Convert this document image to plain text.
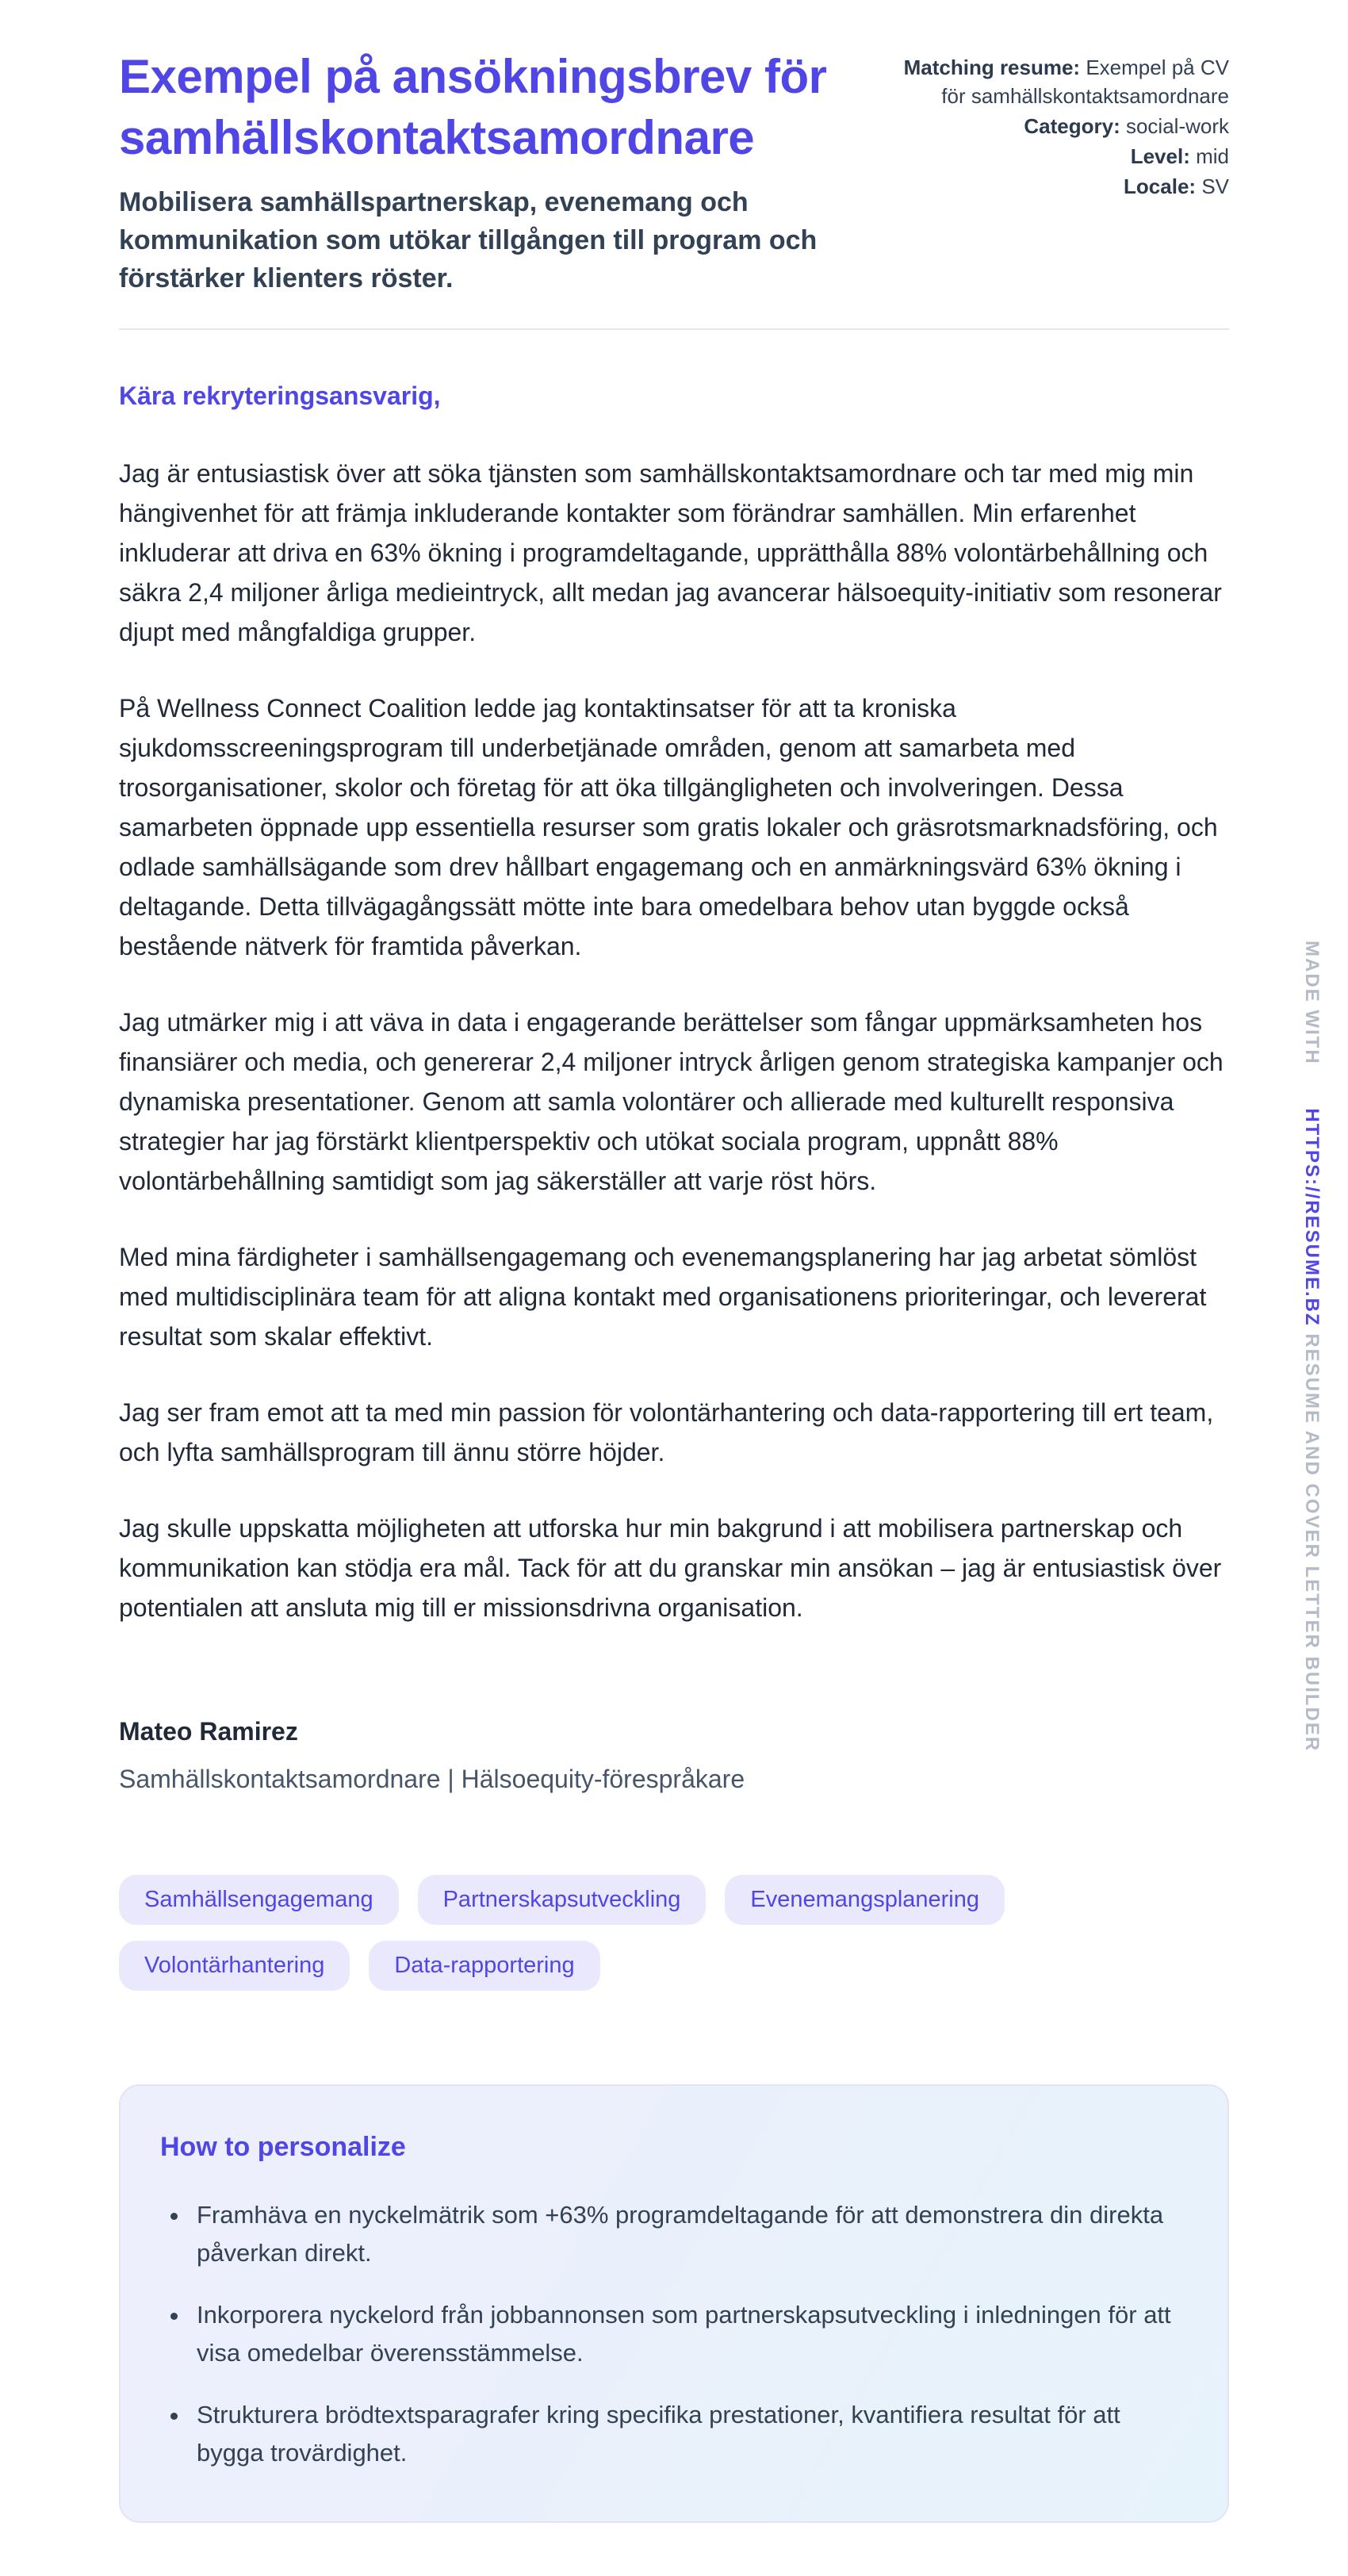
Exempel på ansökningsbrev för samhällskontaktsamordnare

Mobilisera samhällspartnerskap, evenemang och kommunikation som utökar tillgången till program och förstärker klienters röster.

Matching resume: Exempel på CV för samhällskontaktsamordnare
Category: social-work
Level: mid
Locale: SV

Kära rekryteringsansvarig,

Jag är entusiastisk över att söka tjänsten som samhällskontaktsamordnare och tar med mig min hängivenhet för att främja inkluderande kontakter som förändrar samhällen. Min erfarenhet inkluderar att driva en 63% ökning i programdeltagande, upprätthålla 88% volontärbehållning och säkra 2,4 miljoner årliga medieintryck, allt medan jag avancerar hälsoequity-initiativ som resonerar djupt med mångfaldiga grupper.

På Wellness Connect Coalition ledde jag kontaktinsatser för att ta kroniska sjukdomsscreeningsprogram till underbetjänade områden, genom att samarbeta med trosorganisationer, skolor och företag för att öka tillgängligheten och involveringen. Dessa samarbeten öppnade upp essentiella resurser som gratis lokaler och gräsrotsmarknadsföring, och odlade samhällsägande som drev hållbart engagemang och en anmärkningsvärd 63% ökning i deltagande. Detta tillvägagångssätt mötte inte bara omedelbara behov utan byggde också bestående nätverk för framtida påverkan.

Jag utmärker mig i att väva in data i engagerande berättelser som fångar uppmärksamheten hos finansiärer och media, och genererar 2,4 miljoner intryck årligen genom strategiska kampanjer och dynamiska presentationer. Genom att samla volontärer och allierade med kulturellt responsiva strategier har jag förstärkt klientperspektiv och utökat sociala program, uppnått 88% volontärbehållning samtidigt som jag säkerställer att varje röst hörs.

Med mina färdigheter i samhällsengagemang och evenemangsplanering har jag arbetat sömlöst med multidisciplinära team för att aligna kontakt med organisationens prioriteringar, och levererat resultat som skalar effektivt.

Jag ser fram emot att ta med min passion för volontärhantering och data-rapportering till ert team, och lyfta samhällsprogram till ännu större höjder.

Jag skulle uppskatta möjligheten att utforska hur min bakgrund i att mobilisera partnerskap och kommunikation kan stödja era mål. Tack för att du granskar min ansökan – jag är entusiastisk över potentialen att ansluta mig till er missionsdrivna organisation.

Mateo Ramirez

Samhällskontaktsamordnare | Hälsoequity-förespråkare

Samhällsengagemang	Partnerskapsutveckling	Evenemangsplanering
Volontärhantering	Data-rapportering
How to personalize
• Framhäva en nyckelmätrik som +63% programdeltagande för att demonstrera din direkta påverkan direkt.
• Inkorporera nyckelord från jobbannonsen som partnerskapsutveckling i inledningen för att visa omedelbar överensstämmelse.
• Strukturera brödtextsparagrafer kring specifika prestationer, kvantifiera resultat för att bygga trovärdighet.
MADE WITH HTTPS://RESUME.BZ RESUME AND COVER LETTER BUILDER
